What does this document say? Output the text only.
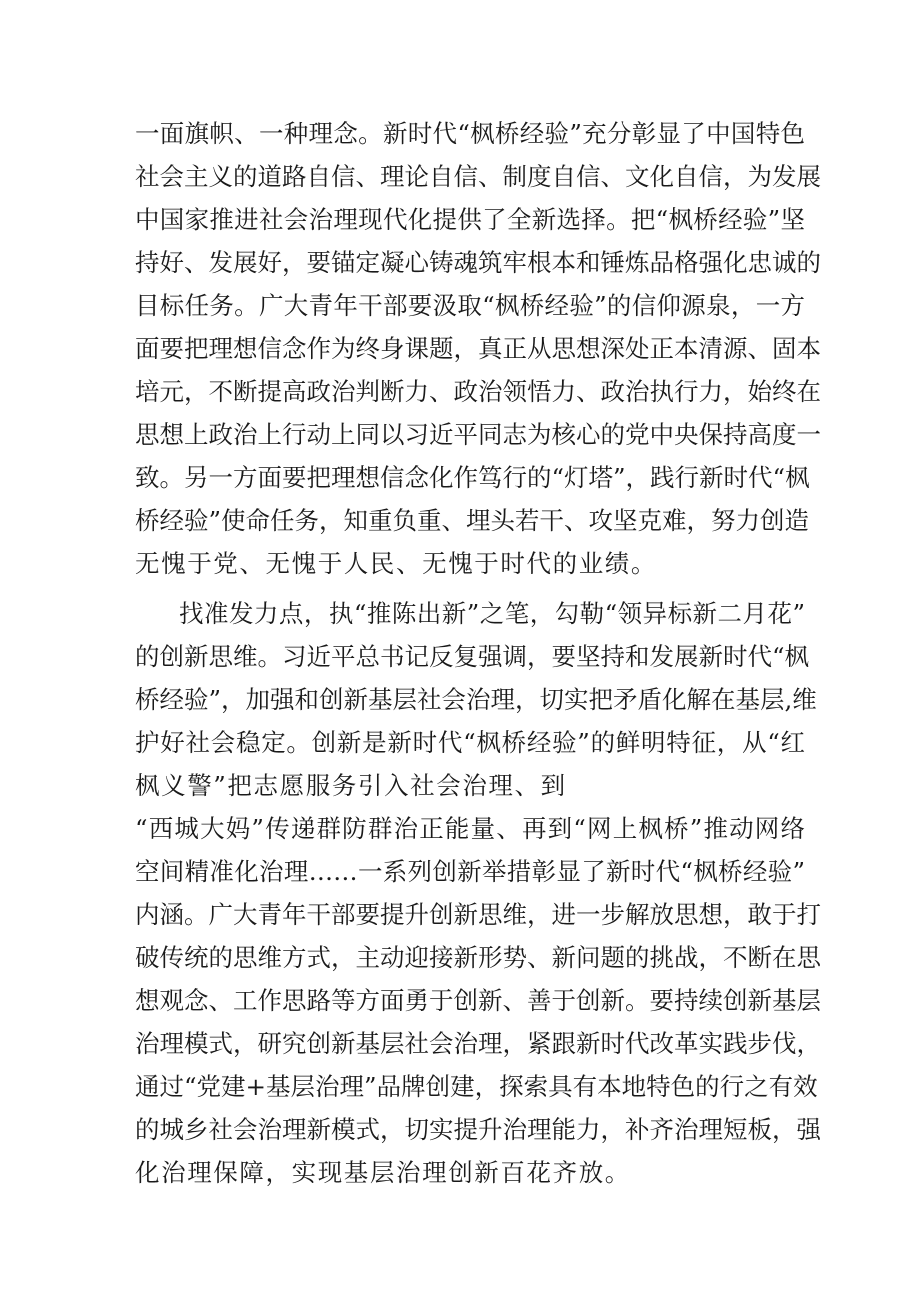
一面旗帜、一种理念。新时代“枫桥经验”充分彰显了中国特色
社会主义的道路自信、理论自信、制度自信、文化自信，为发展
中国家推进社会治理现代化提供了全新选择。把“枫桥经验”坚
持好、发展好，要锚定凝心铸魂筑牢根本和锤炼品格强化忠诚的
目标任务。广大青年干部要汲取“枫桥经验”的信仰源泉，一方
面要把理想信念作为终身课题，真正从思想深处正本清源、固本
培元，不断提高政治判断力、政治领悟力、政治执行力，始终在
思想上政治上行动上同以习近平同志为核心的党中央保持高度一
致。另一方面要把理想信念化作笃行的“灯塔”，践行新时代“枫
桥经验”使命任务，知重负重、埋头若干、攻坚克难，努力创造
无愧于党、无愧于人民、无愧于时代的业绩。
找准发力点，执“推陈出新”之笔，勾勒“领异标新二月花”
的创新思维。习近平总书记反复强调，要坚持和发展新时代“枫
桥经验”，加强和创新基层社会治理，切实把矛盾化解在基层,维
护好社会稳定。创新是新时代“枫桥经验”的鲜明特征，从“红
枫义警”把志愿服务引入社会治理、到
“西城大妈”传递群防群治正能量、再到“网上枫桥”推动网络
空间精准化治理……一系列创新举措彰显了新时代“枫桥经验”
内涵。广大青年干部要提升创新思维，进一步解放思想，敢于打
破传统的思维方式，主动迎接新形势、新问题的挑战，不断在思
想观念、工作思路等方面勇于创新、善于创新。要持续创新基层
治理模式，研究创新基层社会治理，紧跟新时代改革实践步伐，
通过“党建+基层治理”品牌创建，探索具有本地特色的行之有效
的城乡社会治理新模式，切实提升治理能力，补齐治理短板，强
化治理保障，实现基层治理创新百花齐放。
